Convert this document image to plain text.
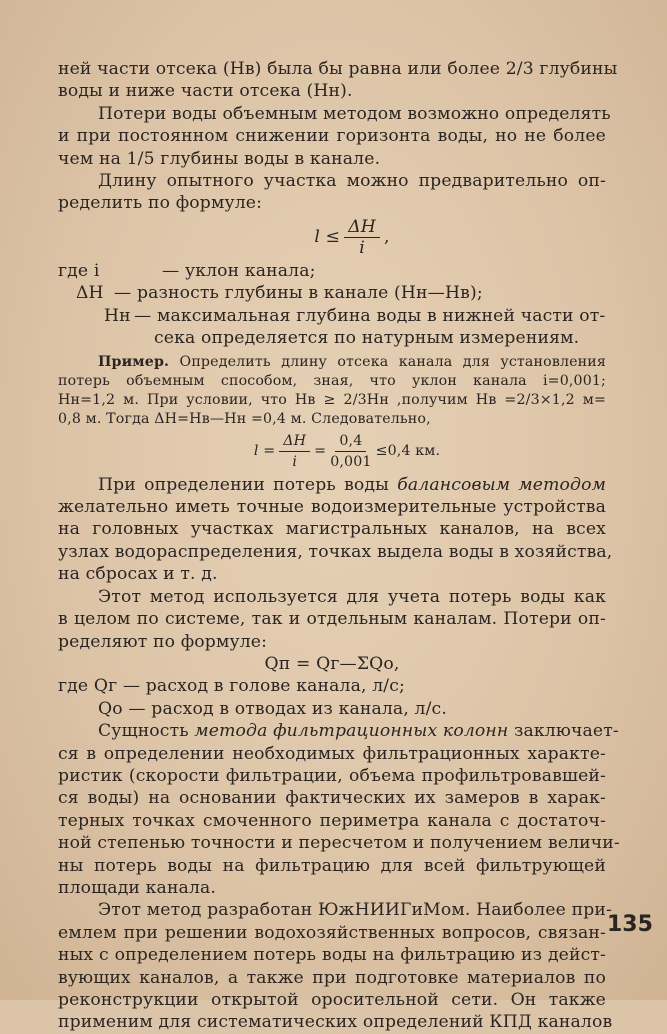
ней части отсека (Hв) была бы равна или более 2/3 глубины
воды и ниже части отсека (Hн).
Потери воды объемным методом возможно определять
и при постоянном снижении горизонта воды, но не более
чем на 1/5 глубины воды в канале.
Длину опытного участка можно предварительно оп-
ределить по формуле:
$l \le \frac{\Delta H}{i}$ ,
где i	— уклон канала;
ΔH — разность глубины в канале (Hн—Hв);
Hн — максимальная глубина воды в нижней части от-
сека определяется по натурным измерениям.
Пример. Определить длину отсека канала для установления
потерь объемным способом, зная, что уклон канала i=0,001;
Hн=1,2 м. При условии, что Hв ≥ 2/3Hн ,получим Hв =2/3×1,2 м=
0,8 м. Тогда ΔH=Hв—Hн =0,4 м. Следовательно,
$l = \frac{\Delta H}{i} = \frac{0,4}{0,001} \le 0,4$ км.
При определении потерь воды балансовым методом
желательно иметь точные водоизмерительные устройства
на головных участках магистральных каналов, на всех
узлах водораспределения, точках выдела воды в хозяйства,
на сбросах и т. д.
Этот метод используется для учета потерь воды как
в целом по системе, так и отдельным каналам. Потери оп-
ределяют по формуле:
Qп = Qг—ΣQо,
где Qг — расход в голове канала, л/с;
Qо — расход в отводах из канала, л/с.
Сущность метода фильтрационных колонн заключает-
ся в определении необходимых фильтрационных характе-
ристик (скорости фильтрации, объема профильтровавшей-
ся воды) на основании фактических их замеров в харак-
терных точках смоченного периметра канала с достаточ-
ной степенью точности и пересчетом и получением величи-
ны потерь воды на фильтрацию для всей фильтрующей
площади канала.
Этот метод разработан ЮжНИИГиМом. Наиболее при-
емлем при решении водохозяйственных вопросов, связан-
ных с определением потерь воды на фильтрацию из дейст-
вующих каналов, а также при подготовке материалов по
реконструкции открытой оросительной сети. Он также
применим для систематических определений КПД каналов
135
